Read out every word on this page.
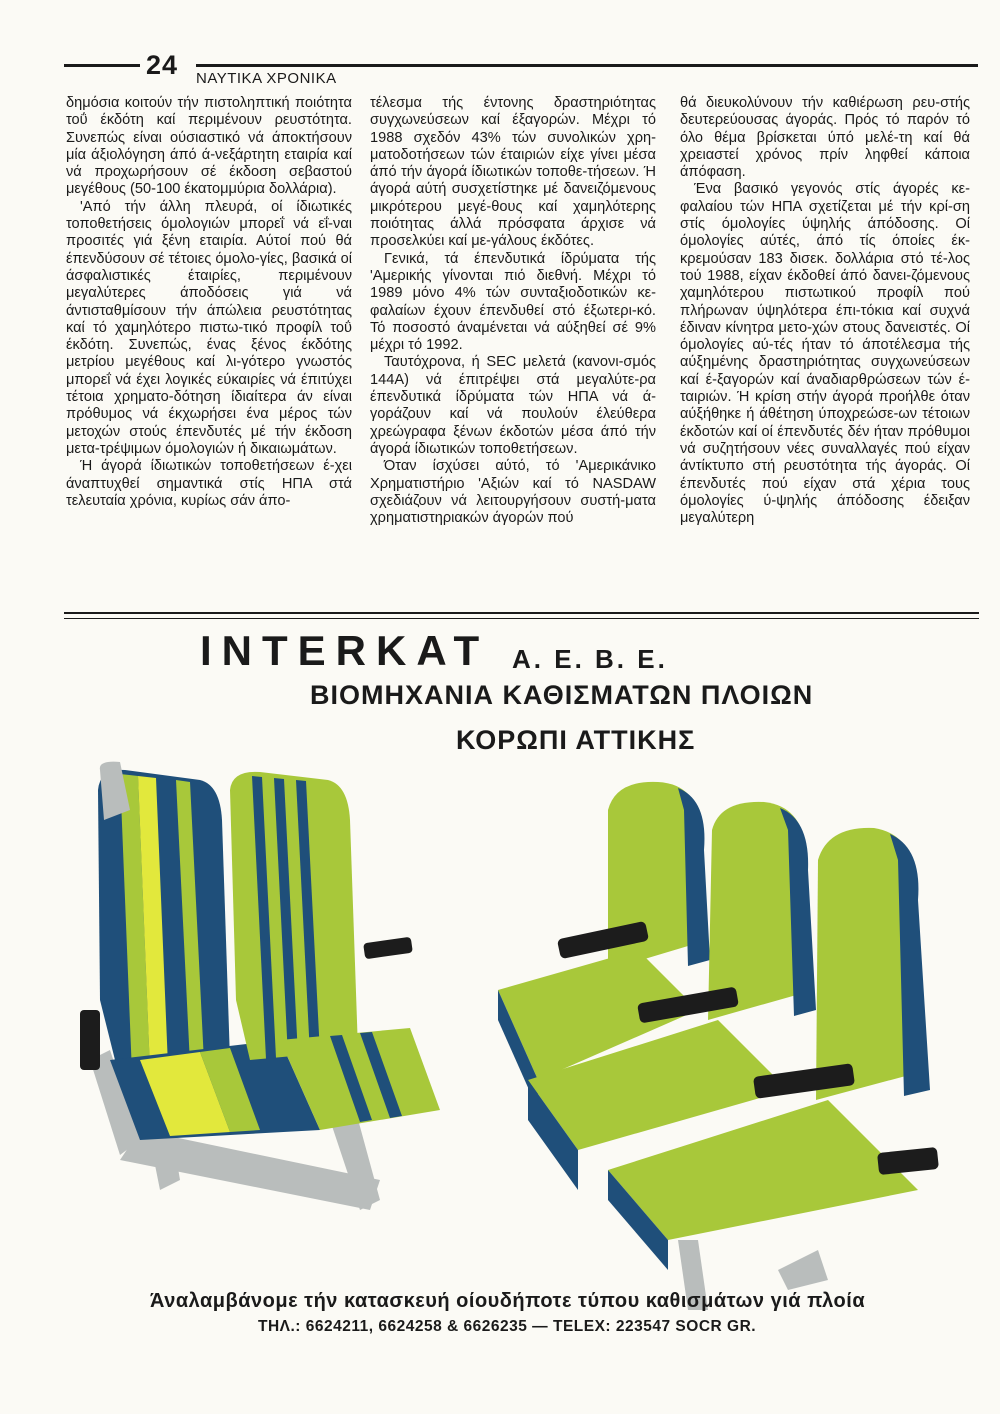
24 ΝΑΥΤΙΚΑ ΧΡΟΝΙΚΑ

δημόσια κοιτούν τήν πιστοληπτική ποιότητα τοΰ έκδότη καί περιμένουν ρευστότητα. Συνεπώς είναι ούσιαστικό νά άποκτήσουν μία άξιολόγηση άπό ά-νεξάρτητη εταιρία καί νά προχωρήσουν σέ έκδοση σεβαστού μεγέθους (50-100 έκατομμύρια δολλάρια).

'Από τήν άλλη πλευρά, οί ίδιωτικές τοποθετήσεις όμολογιών μπορεΐ νά εΐ-ναι προσιτές γιά ξένη εταιρία. Αύτοί πού θά έπενδύσουν σέ τέτοιες όμολο-γίες, βασικά οί άσφαλιστικές έταιρίες, περιμένουν μεγαλύτερες άποδόσεις γιά νά άντισταθμίσουν τήν άπώλεια ρευστότητας καί τό χαμηλότερο πιστω-τικό προφίλ τοΰ έκδότη. Συνεπώς, ένας ξένος έκδότης μετρίου μεγέθους καί λι-γότερο γνωστός μπορεΐ νά έχει λογικές εύκαιρίες νά έπιτύχει τέτοια χρηματο-δότηση ίδιαίτερα άν είναι πρόθυμος νά έκχωρήσει ένα μέρος τών μετοχών στούς έπενδυτές μέ τήν έκδοση μετα-τρέψιμων όμολογιών ή δικαιωμάτων.

Ή άγορά ίδιωτικών τοποθετήσεων έ-χει άναπτυχθεί σημαντικά στίς ΗΠΑ στά τελευταία χρόνια, κυρίως σάν άπο-

τέλεσμα τής έντονης δραστηριότητας συγχωνεύσεων καί έξαγορών. Μέχρι τό 1988 σχεδόν 43% τών συνολικών χρη-ματοδοτήσεων τών έταιριών είχε γίνει μέσα άπό τήν άγορά ίδιωτικών τοποθε-τήσεων. Ή άγορά αύτή συσχετίστηκε μέ δανειζόμενους μικρότερου μεγέ-θους καί χαμηλότερης ποιότητας άλλά πρόσφατα άρχισε νά προσελκύει καί με-γάλους έκδότες.

Γενικά, τά έπενδυτικά ίδρύματα τής 'Αμερικής γίνονται πιό διεθνή. Μέχρι τό 1989 μόνο 4% τών συνταξιοδοτικών κε-φαλαίων έχουν έπενδυθεί στό έξωτερι-κό. Τό ποσοστό άναμένεται νά αύξηθεί σέ 9% μέχρι τό 1992.

Ταυτόχρονα, ή SEC μελετά (κανονι-σμός 144Α) νά έπιτρέψει στά μεγαλύτε-ρα έπενδυτικά ίδρύματα τών ΗΠΑ νά ά-γοράζουν καί νά πουλούν έλεύθερα χρεώγραφα ξένων έκδοτών μέσα άπό τήν άγορά ίδιωτικών τοποθετήσεων.

Όταν ίσχύσει αύτό, τό 'Αμερικάνικο Χρηματιστήριο 'Αξιών καί τό NASDAW σχεδιάζουν νά λειτουργήσουν συστή-ματα χρηματιστηριακών άγορών πού

θά διευκολύνουν τήν καθιέρωση ρευ-στής δευτερεύουσας άγοράς. Πρός τό παρόν τό όλο θέμα βρίσκεται ύπό μελέ-τη καί θά χρειαστεί χρόνος πρίν ληφθεί κάποια άπόφαση.

Ένα βασικό γεγονός στίς άγορές κε-φαλαίου τών ΗΠΑ σχετίζεται μέ τήν κρί-ση στίς όμολογίες ύψηλής άπόδοσης. Οί όμολογίες αύτές, άπό τίς όποίες έκ-κρεμούσαν 183 δισεκ. δολλάρια στό τέ-λος τού 1988, είχαν έκδοθεί άπό δανει-ζόμενους χαμηλότερου πιστωτικού προφίλ πού πλήρωναν ύψηλότερα έπι-τόκια καί συχνά έδιναν κίνητρα μετο-χών στους δανειστές. Οί όμολογίες αύ-τές ήταν τό άποτέλεσμα τής αύξημένης δραστηριότητας συγχωνεύσεων καί έ-ξαγορών καί άναδιαρθρώσεων τών έ-ταιριών. Ή κρίση στήν άγορά προήλθε όταν αύξήθηκε ή άθέτηση ύποχρεώσε-ων τέτοιων έκδοτών καί οί έπενδυτές δέν ήταν πρόθυμοι νά συζητήσουν νέες συναλλαγές πού είχαν άντίκτυπο στή ρευστότητα τής άγοράς. Οί έπενδυτές πού είχαν στά χέρια τους όμολογίες ύ-ψηλής άπόδοσης έδειξαν μεγαλύτερη

INTERKAT Α. Ε. Β. Ε.
ΒΙΟΜΗΧΑΝΙΑ ΚΑΘΙΣΜΑΤΩΝ ΠΛΟΙΩΝ
ΚΟΡΩΠΙ ΑΤΤΙΚΗΣ
Άναλαμβάνομε τήν κατασκευή οίουδήποτε τύπου καθισμάτων γιά πλοία
ΤΗΛ.: 6624211, 6624258 & 6626235 — TELEX: 223547 SOCR GR.
